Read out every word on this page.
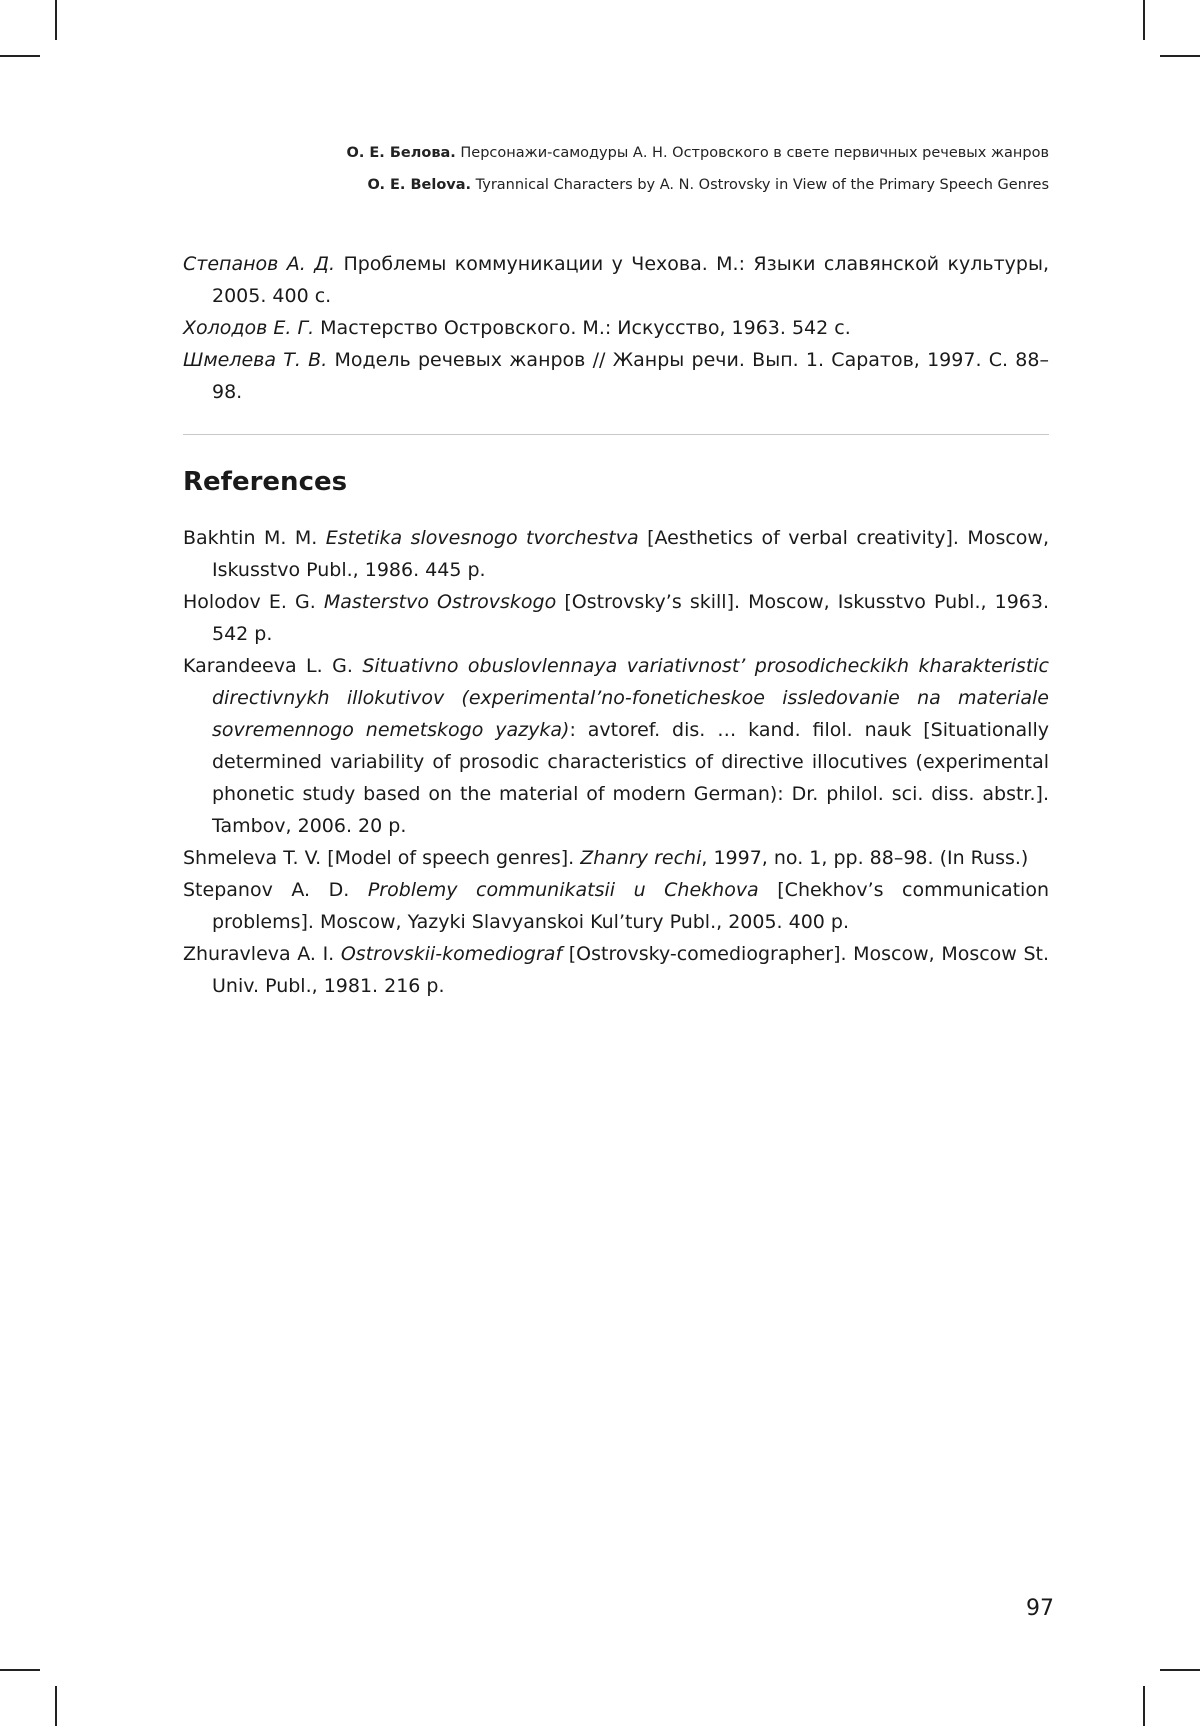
О. Е. Белова. Персонажи-самодуры А. Н. Островского в свете первичных речевых жанров
O. E. Belova. Tyrannical Characters by A. N. Ostrovsky in View of the Primary Speech Genres

Степанов А. Д. Проблемы коммуникации у Чехова. М.: Языки славянской культуры, 2005. 400 с.

Холодов Е. Г. Мастерство Островского. М.: Искусство, 1963. 542 с.

Шмелева Т. В. Модель речевых жанров // Жанры речи. Вып. 1. Саратов, 1997. С. 88–98.

References

Bakhtin M. M. Estetika slovesnogo tvorchestva [Aesthetics of verbal creativity]. Moscow, Iskusstvo Publ., 1986. 445 p.

Holodov E. G. Masterstvo Ostrovskogo [Ostrovsky’s skill]. Moscow, Iskusstvo Publ., 1963. 542 p.

Karandeeva L. G. Situativno obuslovlennaya variativnost’ prosodicheckikh kharakteristic directivnykh illokutivov (experimental’no-foneticheskoe issledovanie na materiale sovremennogo nemetskogo yazyka): avtoref. dis. … kand. filol. nauk [Situationally determined variability of prosodic characteristics of directive illocutives (experimental phonetic study based on the material of modern German): Dr. philol. sci. diss. abstr.]. Tambov, 2006. 20 p.

Shmeleva T. V. [Model of speech genres]. Zhanry rechi, 1997, no. 1, pp. 88–98. (In Russ.)

Stepanov A. D. Problemy communikatsii u Chekhova [Chekhov’s communication problems]. Moscow, Yazyki Slavyanskoi Kul’tury Publ., 2005. 400 p.

Zhuravleva A. I. Ostrovskii-komediograf [Ostrovsky-comediographer]. Moscow, Moscow St. Univ. Publ., 1981. 216 p.

97
